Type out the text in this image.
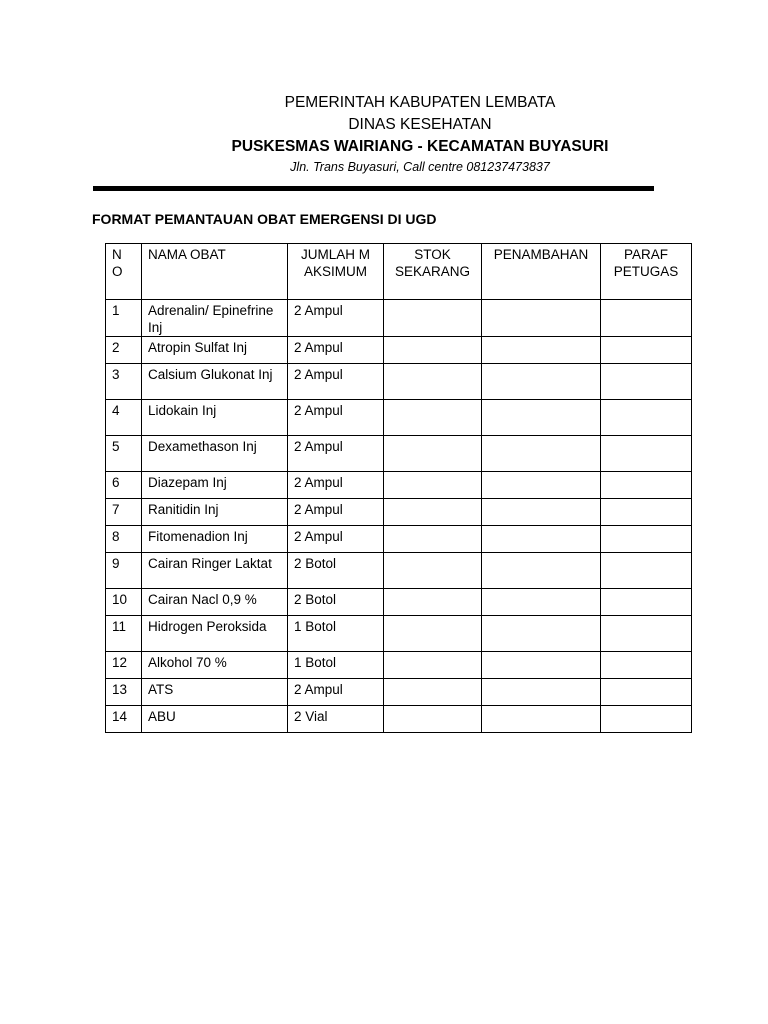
PEMERINTAH KABUPATEN LEMBATA
DINAS KESEHATAN
PUSKESMAS WAIRIANG - KECAMATAN BUYASURI
Jln. Trans Buyasuri, Call centre 081237473837
FORMAT PEMANTAUAN OBAT EMERGENSI DI UGD
NO	NAMA OBAT	JUMLAH MAKSIMUM	STOK SEKARANG	PENAMBAHAN	PARAF PETUGAS
1	Adrenalin/ Epinefrine Inj	2 Ampul			
2	Atropin Sulfat Inj	2 Ampul			
3	Calsium Glukonat Inj	2 Ampul			
4	Lidokain Inj	2 Ampul			
5	Dexamethason Inj	2 Ampul			
6	Diazepam Inj	2 Ampul			
7	Ranitidin Inj	2 Ampul			
8	Fitomenadion Inj	2 Ampul			
9	Cairan Ringer Laktat	2 Botol			
10	Cairan Nacl 0,9 %	2 Botol			
11	Hidrogen Peroksida	1 Botol			
12	Alkohol 70 %	1 Botol			
13	ATS	2 Ampul			
14	ABU	2 Vial			
